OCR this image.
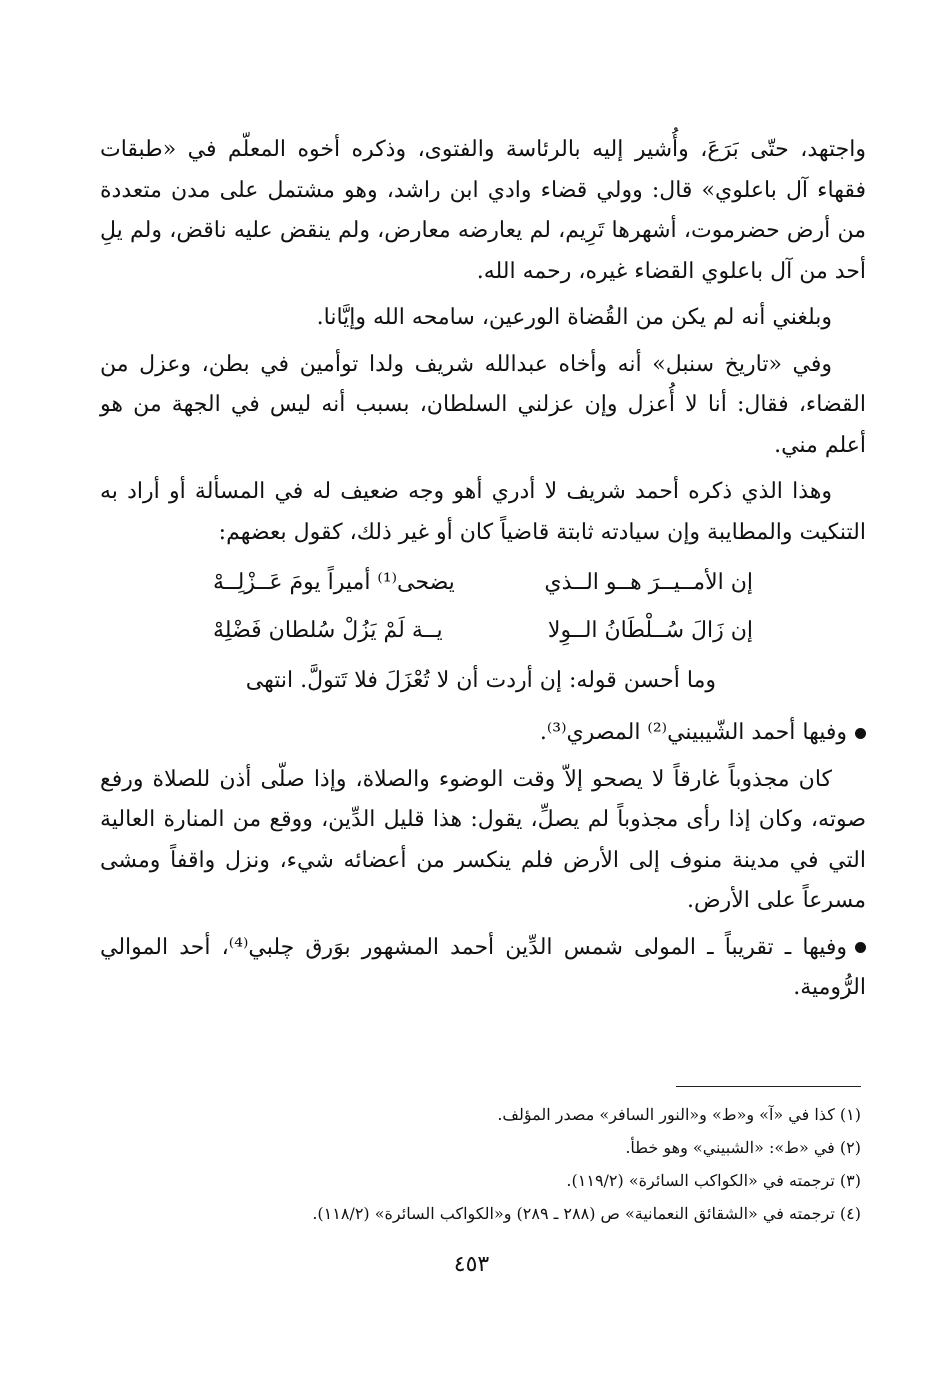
واجتهد، حتّى بَرَعَ، وأُشير إليه بالرئاسة والفتوى، وذكره أخوه المعلّم في «طبقات فقهاء آل باعلوي» قال: وولي قضاء وادي ابن راشد، وهو مشتمل على مدن متعددة من أرض حضرموت، أشهرها تَرِيم، لم يعارضه معارض، ولم ينقض عليه ناقض، ولم يلِ أحد من آل باعلوي القضاء غيره، رحمه الله.

وبلغني أنه لم يكن من القُضاة الورعين، سامحه الله وإيَّانا.

وفي «تاريخ سنبل» أنه وأخاه عبدالله شريف ولدا توأمين في بطن، وعزل من القضاء، فقال: أنا لا أُعزل وإن عزلني السلطان، بسبب أنه ليس في الجهة من هو أعلم مني.

وهذا الذي ذكره أحمد شريف لا أدري أهو وجه ضعيف له في المسألة أو أراد به التنكيت والمطايبة وإن سيادته ثابتة قاضياً كان أو غير ذلك، كقول بعضهم:

إن الأمــيــرَ هــو الــذي
يضحى⁽¹⁾ أميراً يومَ عَــزْلِــهْ
إن زَالَ سُــلْطَانُ الــوِلا
يــة لَمْ يَزُلْ سُلطان فَضْلِهْ

وما أحسن قوله: إن أردت أن لا تُعْزَلَ فلا تَتولَّ. انتهى

وفيها أحمد الشّيبيني⁽²⁾ المصري⁽³⁾.

كان مجذوباً غارقاً لا يصحو إلاّ وقت الوضوء والصلاة، وإذا صلّى أذن للصلاة ورفع صوته، وكان إذا رأى مجذوباً لم يصلِّ، يقول: هذا قليل الدِّين، ووقع من المنارة العالية التي في مدينة منوف إلى الأرض فلم ينكسر من أعضائه شيء، ونزل واقفاً ومشى مسرعاً على الأرض.

وفيها ـ تقريباً ـ المولى شمس الدِّين أحمد المشهور بوَرق چلبي⁽⁴⁾، أحد الموالي الرُّومية.

(١) كذا في «آ» و«ط» و«النور السافر» مصدر المؤلف.
(٢) في «ط»: «الشبيني» وهو خطأ.
(٣) ترجمته في «الكواكب السائرة» (١١٩/٢).
(٤) ترجمته في «الشقائق النعمانية» ص (٢٨٨ ـ ٢٨٩) و«الكواكب السائرة» (١١٨/٢).
٤٥٣
